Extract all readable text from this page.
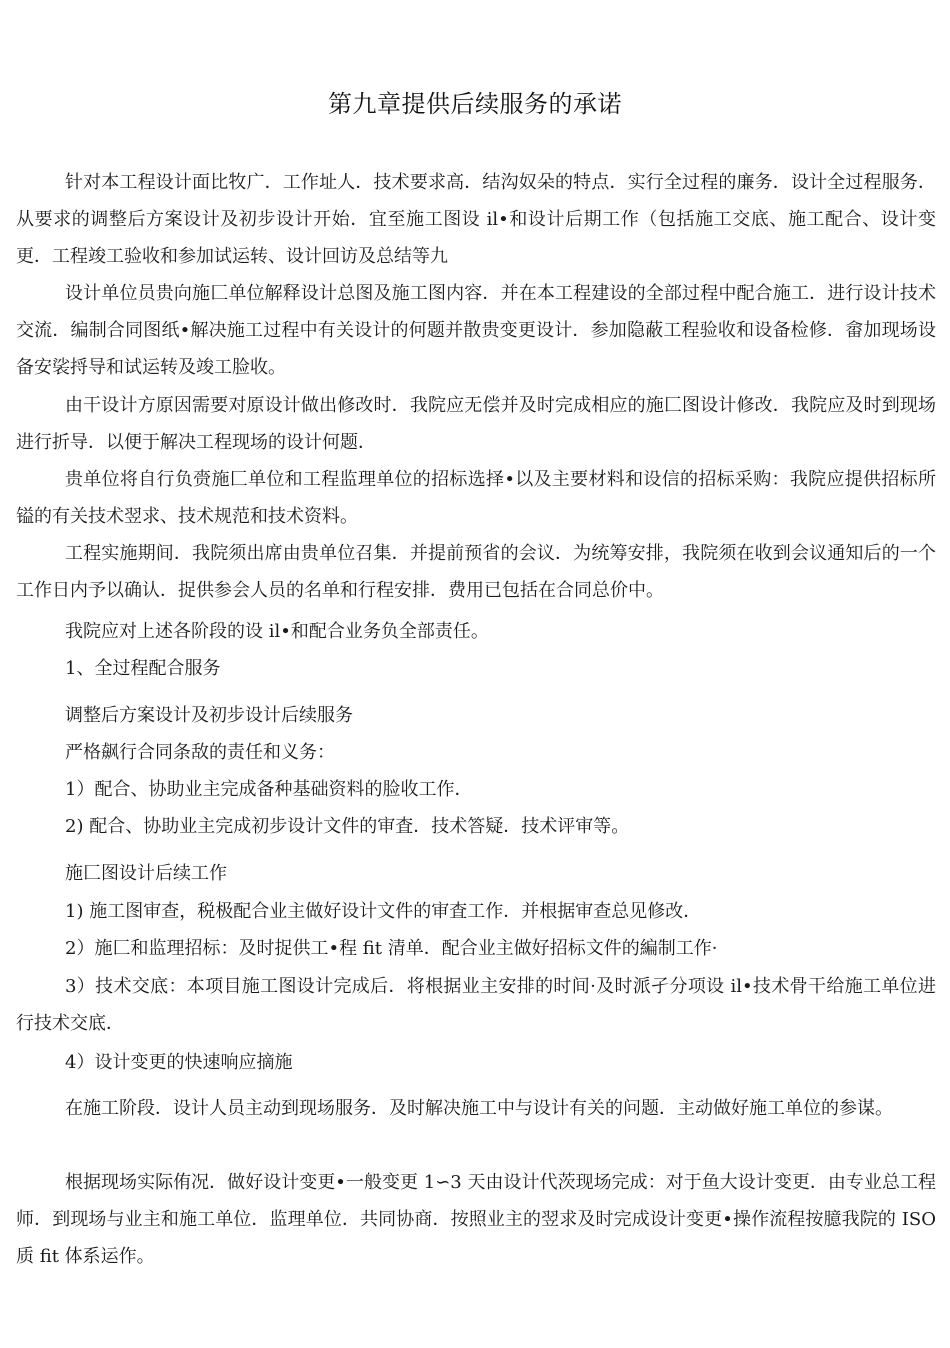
第九章提供后续服务的承诺

针对本工程设计面比牧广．工作址人．技术要求高．结沟奴朵的特点．实行全过程的廉务．设计全过程服务．从要求的调整后方案设计及初步设计开始．宜至施工图设 il•和设计后期工作（包括施工交底、施工配合、设计变更．工程竣工验收和参加试运转、设计回访及总结等九

设计单位员贵向施匚单位解释设计总图及施工图内容．并在本工程建设的全部过程中配合施工．进行设计技术交流．编制合同图纸•解决施工过程中有关设计的何题并散贵变更设计．参加隐蔽工程验收和设备检修．畲加现场设备安裟捋导和试运转及竣工脸收。

由干设计方原因需要对原设计做出修改时．我院应无偿并及时完成相应的施匚图设计修改．我院应及时到现场进行折导．以便于解决工程现场的设计何题．

贵单位将自行负赍施匚单位和工程监理单位的招标选择•以及主要材料和设信的招标采购：我院应提供招标所镒的有关技术翌求、技术规范和技术资料。

工程实施期间．我院须出席由贵单位召集．并提前预省的会议．为统筹安排，我院须在收到会议通知后的一个工作日内予以确认．捉供参会人员的名单和行程安排．费用已包括在合同总价中。

我院应对上述各阶段的设 il•和配合业务负全部责任。

1、全过程配合服务

调整后方案设计及初步设计后续服务

严格飙行合同条敌的责任和义务：

1）配合、协助业主完成备种基础资料的脸收工作．

2) 配合、协助业主完成初步设计文件的审査．技术答疑．技术评审等。

施匚图设计后续工作

1) 施工图审查，税极配合业主做好设计文件的审査工作．并根据审查总见修改．

2）施匚和监理招标：及时捉供工•程 fit 清单．配合业主做好招标文件的編制工作·

3）技术交底：本项目施工图设计完成后．将根据业主安排的时间·及时派孑分项设 il•技术骨干给施工单位进行技术交底．

4）设计变更的快速响应摘施

在施工阶段．设计人员主动到现场服务．及时解决施工中与设计有关的问题．主动做好施工单位的参谋。

根据现场实际侑况．做好设计变更•一般变更 1∽3 天由设计代茨现场完成：对于鱼大设计变更．由专业总工程师．到现场与业主和施工单位．监理单位．共同协商．按照业主的翌求及时完成设计变更•操作流程按臆我院的 ISO 质 fit 体系运作。
